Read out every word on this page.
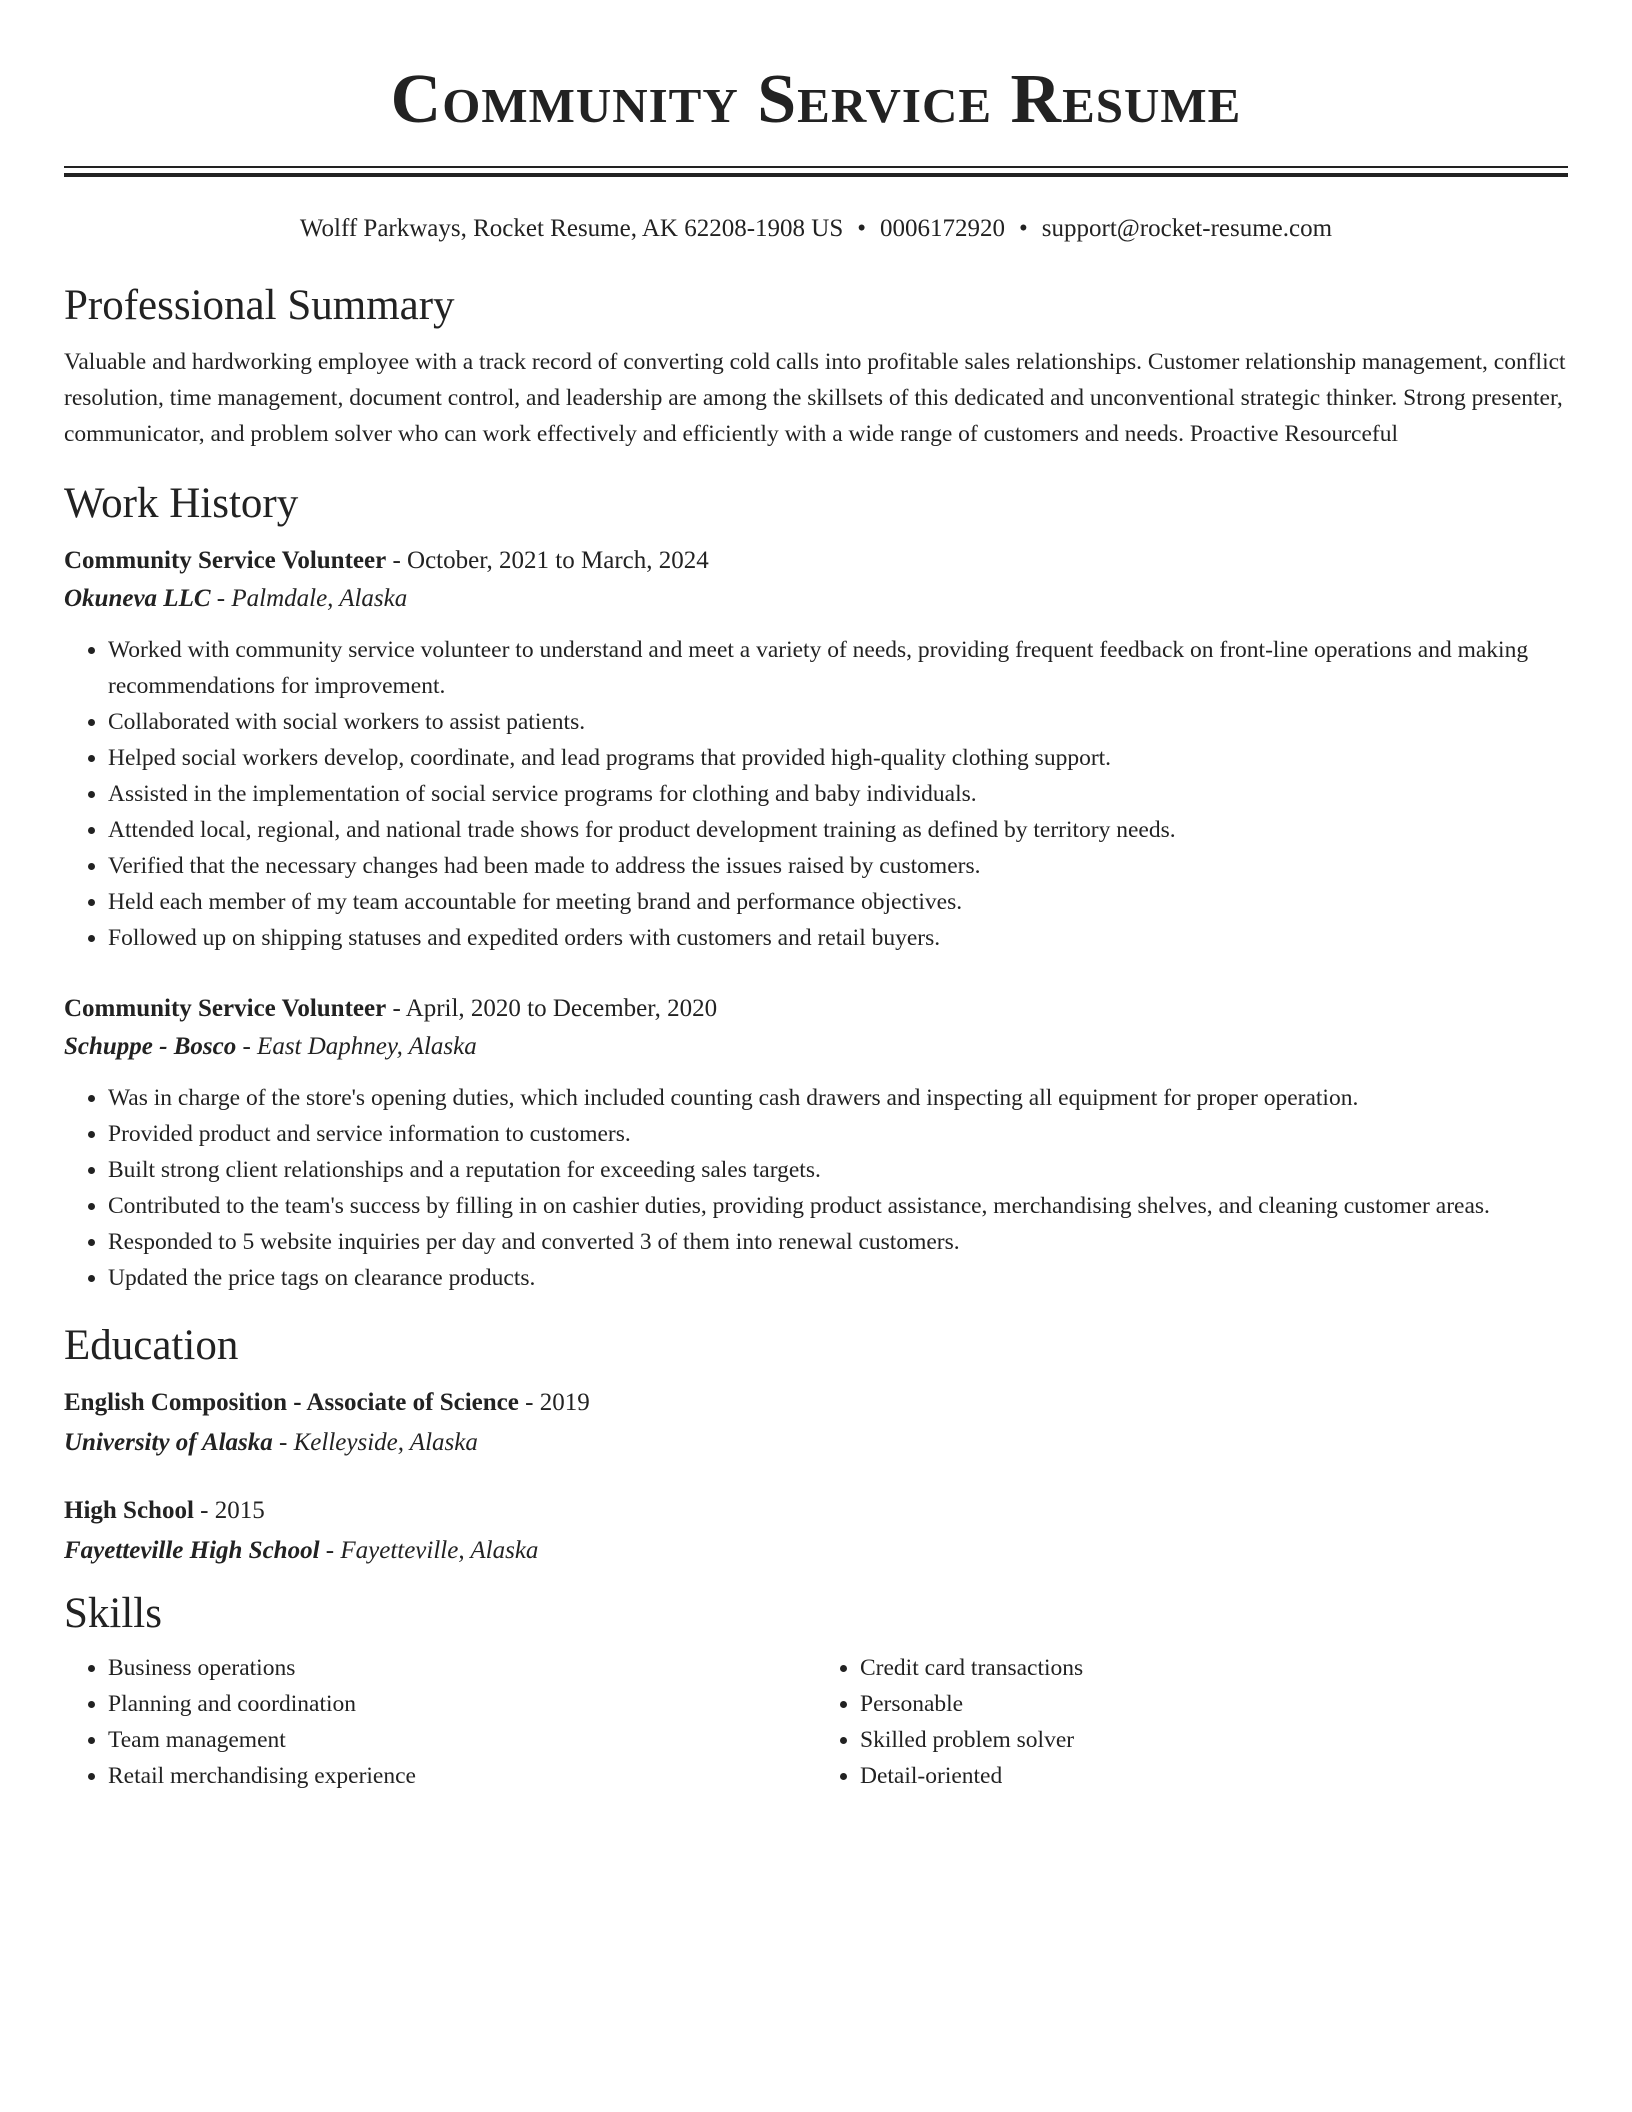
Community Service Resume
Wolff Parkways, Rocket Resume, AK 62208-1908 US • 0006172920 • support@rocket-resume.com
Professional Summary

Valuable and hardworking employee with a track record of converting cold calls into profitable sales relationships. Customer relationship management, conflict resolution, time management, document control, and leadership are among the skillsets of this dedicated and unconventional strategic thinker. Strong presenter, communicator, and problem solver who can work effectively and efficiently with a wide range of customers and needs. Proactive Resourceful

Work History

Community Service Volunteer - October, 2021 to March, 2024

Okuneva LLC - Palmdale, Alaska

• Worked with community service volunteer to understand and meet a variety of needs, providing frequent feedback on front-line operations and making recommendations for improvement.
• Collaborated with social workers to assist patients.
• Helped social workers develop, coordinate, and lead programs that provided high-quality clothing support.
• Assisted in the implementation of social service programs for clothing and baby individuals.
• Attended local, regional, and national trade shows for product development training as defined by territory needs.
• Verified that the necessary changes had been made to address the issues raised by customers.
• Held each member of my team accountable for meeting brand and performance objectives.
• Followed up on shipping statuses and expedited orders with customers and retail buyers.

Community Service Volunteer - April, 2020 to December, 2020

Schuppe - Bosco - East Daphney, Alaska

• Was in charge of the store's opening duties, which included counting cash drawers and inspecting all equipment for proper operation.
• Provided product and service information to customers.
• Built strong client relationships and a reputation for exceeding sales targets.
• Contributed to the team's success by filling in on cashier duties, providing product assistance, merchandising shelves, and cleaning customer areas.
• Responded to 5 website inquiries per day and converted 3 of them into renewal customers.
• Updated the price tags on clearance products.
Education

English Composition - Associate of Science - 2019

University of Alaska - Kelleyside, Alaska

High School - 2015

Fayetteville High School - Fayetteville, Alaska

Skills
• Business operations
• Planning and coordination
• Team management
• Retail merchandising experience
• Credit card transactions
• Personable
• Skilled problem solver
• Detail-oriented
